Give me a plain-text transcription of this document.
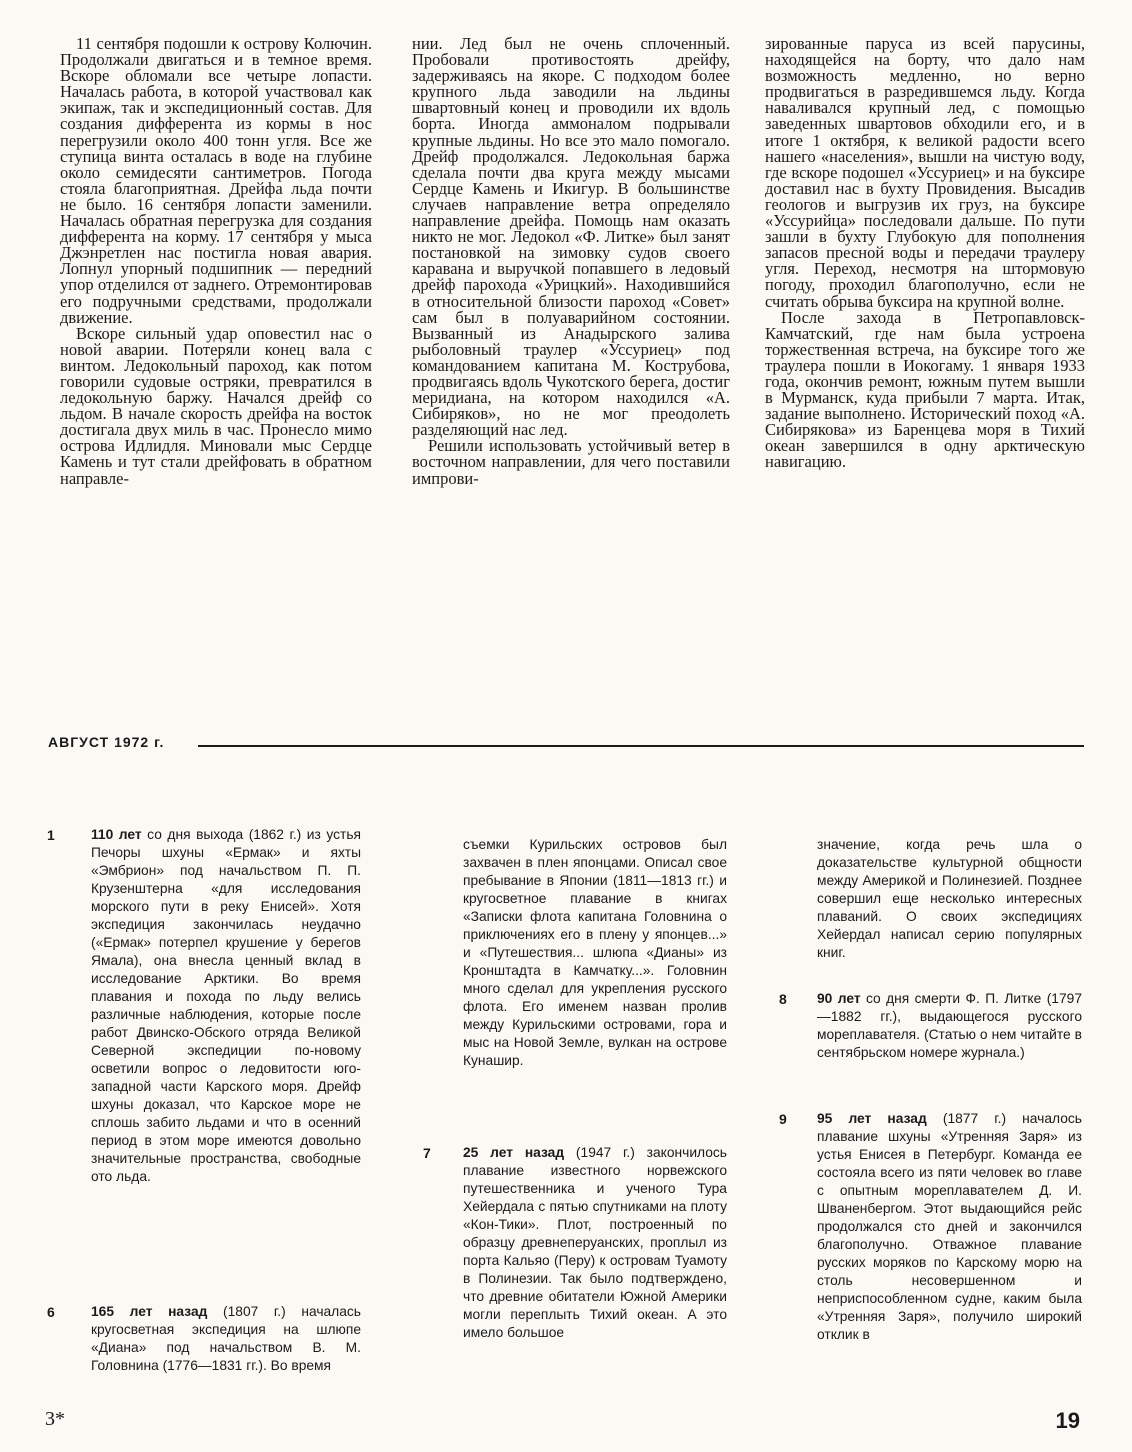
11 сентября подошли к острову Колючин. Продолжали двигаться и в темное время. Вскоре обломали все четыре лопасти. Началась работа, в которой участвовал как экипаж, так и экспедиционный состав. Для создания дифферента из кормы в нос перегрузили около 400 тонн угля. Все же ступица винта осталась в воде на глубине около семидесяти сантиметров. Погода стояла благоприятная. Дрейфа льда почти не было. 16 сентября лопасти заменили. Началась обратная перегрузка для создания дифферента на корму. 17 сентября у мыса Джэнретлен нас постигла новая авария. Лопнул упорный подшипник — передний упор отделился от заднего. Отремонтировав его подручными средствами, продолжали движение.

Вскоре сильный удар оповестил нас о новой аварии. Потеряли конец вала с винтом. Ледокольный пароход, как потом говорили судовые остряки, превратился в ледокольную баржу. Начался дрейф со льдом. В начале скорость дрейфа на восток достигала двух миль в час. Пронесло мимо острова Идлидля. Миновали мыс Сердце Камень и тут стали дрейфовать в обратном направле-

нии. Лед был не очень сплоченный. Пробовали противостоять дрейфу, задерживаясь на якоре. С подходом более крупного льда заводили на льдины швартовный конец и проводили их вдоль борта. Иногда аммоналом подрывали крупные льдины. Но все это мало помогало. Дрейф продолжался. Ледокольная баржа сделала почти два круга между мысами Сердце Камень и Икигур. В большинстве случаев направление ветра определяло направление дрейфа. Помощь нам оказать никто не мог. Ледокол «Ф. Литке» был занят постановкой на зимовку судов своего каравана и выручкой попавшего в ледовый дрейф парохода «Урицкий». Находившийся в относительной близости пароход «Совет» сам был в полуаварийном состоянии. Вызванный из Анадырского залива рыболовный траулер «Уссуриец» под командованием капитана М. Кострубова, продвигаясь вдоль Чукотского берега, достиг меридиана, на котором находился «А. Сибиряков», но не мог преодолеть разделяющий нас лед.

Решили использовать устойчивый ветер в восточном направлении, для чего поставили импрови-

зированные паруса из всей парусины, находящейся на борту, что дало нам возможность медленно, но верно продвигаться в разредившемся льду. Когда наваливался крупный лед, с помощью заведенных швартовов обходили его, и в итоге 1 октября, к великой радости всего нашего «населения», вышли на чистую воду, где вскоре подошел «Уссуриец» и на буксире доставил нас в бухту Провидения. Высадив геологов и выгрузив их груз, на буксире «Уссурийца» последовали дальше. По пути зашли в бухту Глубокую для пополнения запасов пресной воды и передачи траулеру угля. Переход, несмотря на штормовую погоду, проходил благополучно, если не считать обрыва буксира на крупной волне.

После захода в Петропавловск-Камчатский, где нам была устроена торжественная встреча, на буксире того же траулера пошли в Иокогаму. 1 января 1933 года, окончив ремонт, южным путем вышли в Мурманск, куда прибыли 7 марта. Итак, задание выполнено. Исторический поход «А. Сибирякова» из Баренцева моря в Тихий океан завершился в одну арктическую навигацию.

АВГУСТ 1972 г.
1	110 лет со дня выхода (1862 г.) из устья Печоры шхуны «Ермак» и яхты «Эмбрион» под начальством П. П. Крузенштерна «для исследования морского пути в реку Енисей». Хотя экспедиция закончилась неудачно («Ермак» потерпел крушение у берегов Ямала), она внесла ценный вклад в исследование Арктики. Во время плавания и похода по льду велись различные наблюдения, которые после работ Двинско-Обского отряда Великой Северной экспедиции по-новому осветили вопрос о ледовитости юго-западной части Карского моря. Дрейф шхуны доказал, что Карское море не сплошь забито льдами и что в осенний период в этом море имеются довольно значительные пространства, свободные ото льда.
6	165 лет назад (1807 г.) началась кругосветная экспедиция на шлюпе «Диана» под начальством В. М. Головнина (1776—1831 гг.). Во время
съемки Курильских островов был захвачен в плен японцами. Описал свое пребывание в Японии (1811—1813 гг.) и кругосветное плавание в книгах «Записки флота капитана Головнина о приключениях его в плену у японцев...» и «Путешествия... шлюпа «Дианы» из Кронштадта в Камчатку...». Головнин много сделал для укрепления русского флота. Его именем назван пролив между Курильскими островами, гора и мыс на Новой Земле, вулкан на острове Кунашир.
7 25 лет назад (1947 г.) закончилось плавание известного норвежского путешественника и ученого Тура Хейердала с пятью спутниками на плоту «Кон-Тики». Плот, построенный по образцу древнеперуанских, проплыл из порта Кальяо (Перу) к островам Туамоту в Полинезии. Так было подтверждено, что древние обитатели Южной Америки могли переплыть Тихий океан. А это имело большое
значение, когда речь шла о доказательстве культурной общности между Америкой и Полинезией. Позднее совершил еще несколько интересных плаваний. О своих экспедициях Хейердал написал серию популярных книг.
8 90 лет со дня смерти Ф. П. Литке (1797—1882 гг.), выдающегося русского мореплавателя. (Статью о нем читайте в сентябрьском номере журнала.)
9 95 лет назад (1877 г.) началось плавание шхуны «Утренняя Заря» из устья Енисея в Петербург. Команда ее состояла всего из пяти человек во главе с опытным мореплавателем Д. И. Шваненбергом. Этот выдающийся рейс продолжался сто дней и закончился благополучно. Отважное плавание русских моряков по Карскому морю на столь несовершенном и неприспособленном судне, каким была «Утренняя Заря», получило широкий отклик в
3*	19
